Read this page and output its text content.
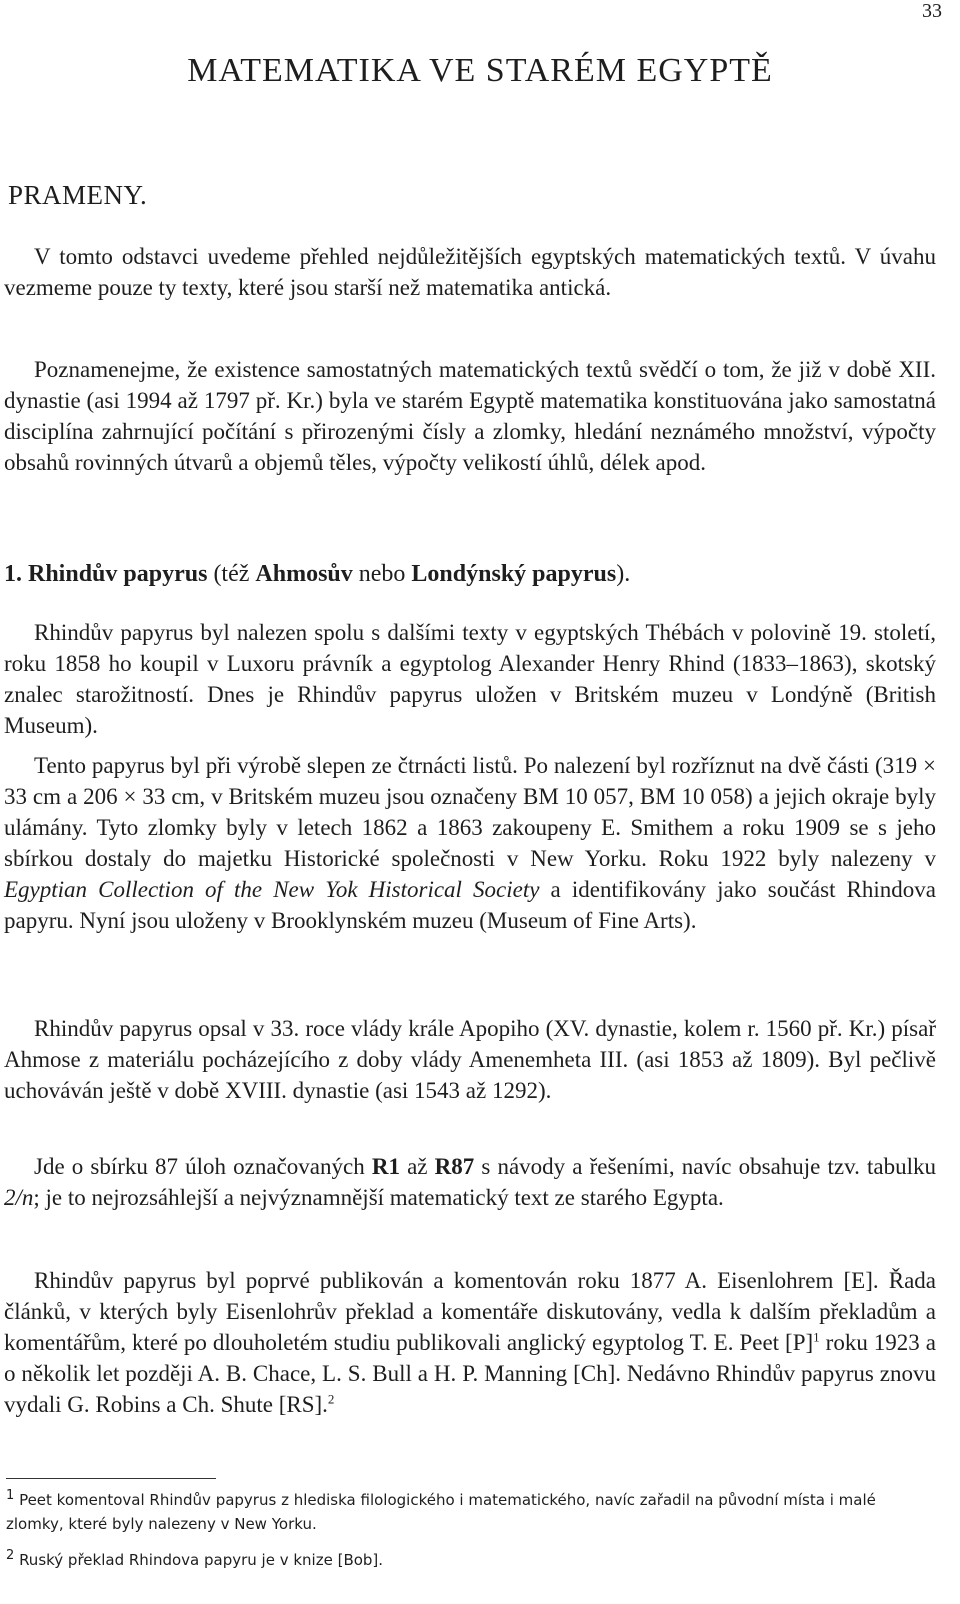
33
MATEMATIKA VE STARÉM EGYPTĚ
PRAMENY.

V tomto odstavci uvedeme přehled nejdůležitějších egyptských matematických textů. V úvahu vezmeme pouze ty texty, které jsou starší než matematika antická.

Poznamenejme, že existence samostatných matematických textů svědčí o tom, že již v době XII. dynastie (asi 1994 až 1797 př. Kr.) byla ve starém Egyptě matematika konstituována jako samostatná disciplína zahrnující počítání s přirozenými čísly a zlomky, hledání neznámého množství, výpočty obsahů rovinných útvarů a objemů těles, výpočty velikostí úhlů, délek apod.

1. Rhindův papyrus (též Ahmosův nebo Londýnský papyrus).

Rhindův papyrus byl nalezen spolu s dalšími texty v egyptských Thébách v polovině 19. století, roku 1858 ho koupil v Luxoru právník a egyptolog Alexander Henry Rhind (1833–1863), skotský znalec starožitností. Dnes je Rhindův papyrus uložen v Britském muzeu v Londýně (British Museum).

Tento papyrus byl při výrobě slepen ze čtrnácti listů. Po nalezení byl rozříznut na dvě části (319 × 33 cm a 206 × 33 cm, v Britském muzeu jsou označeny BM 10 057, BM 10 058) a jejich okraje byly ulámány. Tyto zlomky byly v letech 1862 a 1863 zakoupeny E. Smithem a roku 1909 se s jeho sbírkou dostaly do majetku Historické společnosti v New Yorku. Roku 1922 byly nalezeny v Egyptian Collection of the New Yok Historical Society a identifikovány jako součást Rhindova papyru. Nyní jsou uloženy v Brooklynském muzeu (Museum of Fine Arts).

Rhindův papyrus opsal v 33. roce vlády krále Apopiho (XV. dynastie, kolem r. 1560 př. Kr.) písař Ahmose z materiálu pocházejícího z doby vlády Amenemheta III. (asi 1853 až 1809). Byl pečlivě uchováván ještě v době XVIII. dynastie (asi 1543 až 1292).

Jde o sbírku 87 úloh označovaných R1 až R87 s návody a řešeními, navíc obsahuje tzv. tabulku 2/n; je to nejrozsáhlejší a nejvýznamnější matematický text ze starého Egypta.

Rhindův papyrus byl poprvé publikován a komentován roku 1877 A. Eisenlohrem [E]. Řada článků, v kterých byly Eisenlohrův překlad a komentáře diskutovány, vedla k dalším překladům a komentářům, které po dlouholetém studiu publikovali anglický egyptolog T. E. Peet $[P]^1$ roku 1923 a o několik let později A. B. Chace, L. S. Bull a H. P. Manning [Ch]. Nedávno Rhindův papyrus znovu vydali G. Robins a Ch. Shute [RS].$^2$

$^1$ Peet komentoval Rhindův papyrus z hlediska filologického i matematického, navíc zařadil na původní místa i malé zlomky, které byly nalezeny v New Yorku.

$^2$ Ruský překlad Rhindova papyru je v knize [Bob].
